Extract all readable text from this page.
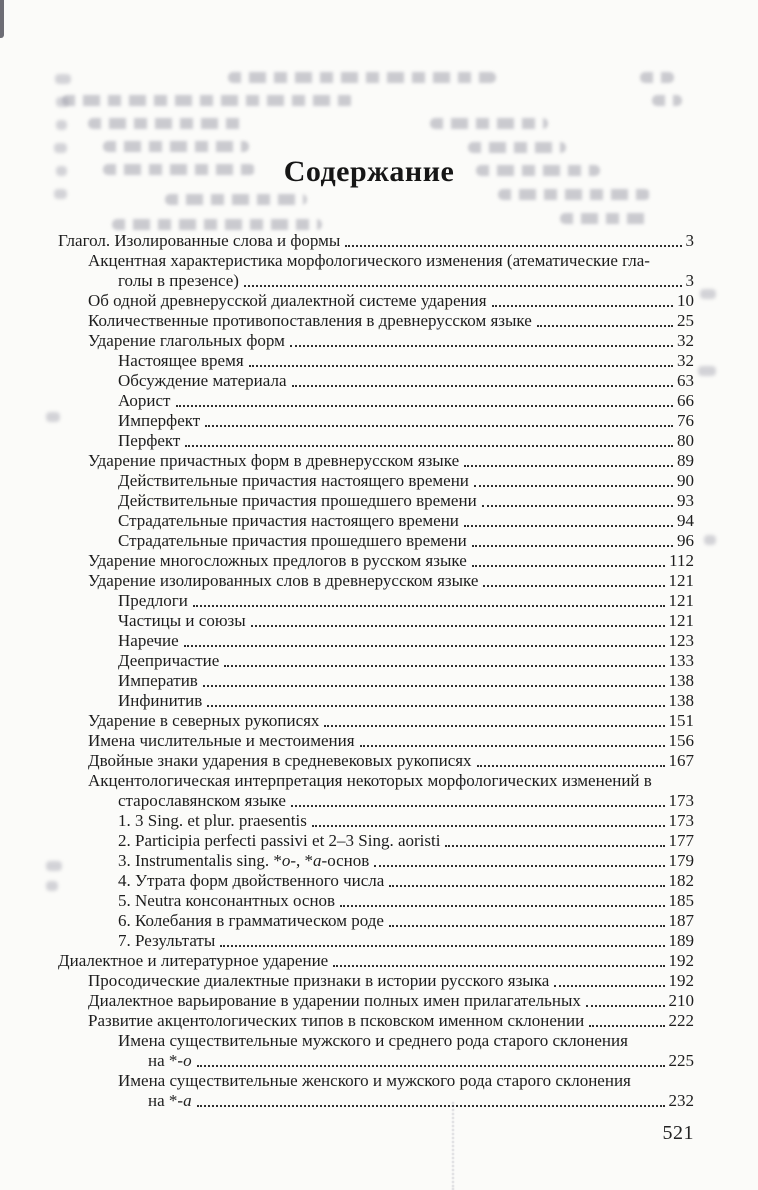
Содержание
Глагол. Изолированные слова и формы	3
Акцентная характеристика морфологического изменения (атематические гла-
голы в презенсе)	3
Об одной древнерусской диалектной системе ударения	10
Количественные противопоставления в древнерусском языке	25
Ударение глагольных форм	32
Настоящее время	32
Обсуждение материала	63
Аорист	66
Имперфект	76
Перфект	80
Ударение причастных форм в древнерусском языке	89
Действительные причастия настоящего времени	90
Действительные причастия прошедшего времени	93
Страдательные причастия настоящего времени	94
Страдательные причастия прошедшего времени	96
Ударение многосложных предлогов в русском языке	112
Ударение изолированных слов в древнерусском языке	121
Предлоги	121
Частицы и союзы	121
Наречие	123
Деепричастие	133
Императив	138
Инфинитив	138
Ударение в северных рукописях	151
Имена числительные и местоимения	156
Двойные знаки ударения в средневековых рукописях	167
Акцентологическая интерпретация некоторых морфологических изменений в
старославянском языке	173
1. 3 Sing. et plur. praesentis	173
2. Participia perfecti passivi et 2–3 Sing. aoristi	177
3. Instrumentalis sing. *o-, *a-основ	179
4. Утрата форм двойственного числа	182
5. Neutra консонантных основ	185
6. Колебания в грамматическом роде	187
7. Результаты	189
Диалектное и литературное ударение	192
Просодические диалектные признаки в истории русского языка	192
Диалектное варьирование в ударении полных имен прилагательных	210
Развитие акцентологических типов в псковском именном склонении	222
Имена существительные мужского и среднего рода старого склонения
на *-о	225
Имена существительные женского и мужского рода старого склонения
на *-а	232
521
